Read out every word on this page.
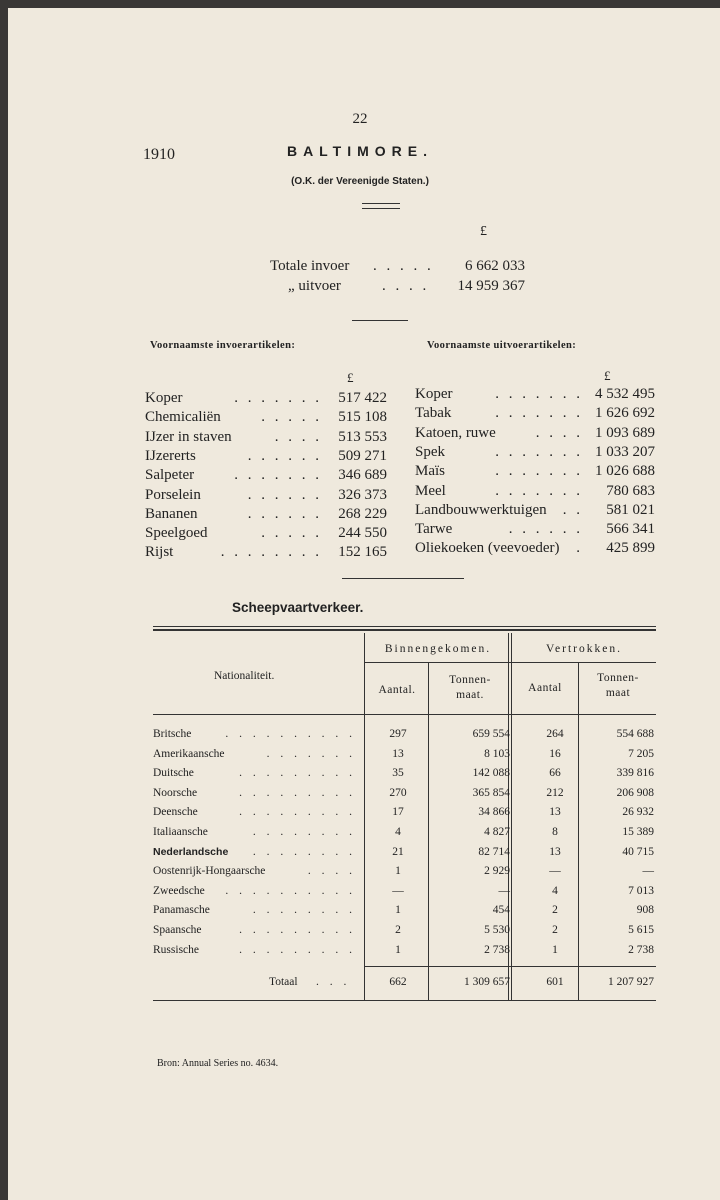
22
1910	BALTIMORE.
(O.K. der Vereenigde Staten.)
£
Totale invoer . . . . .	6 662 033
„ uitvoer	. . . .	14 959 367
Voornaamste invoerartikelen:	Voornaamste uitvoerartikelen:
£	£
Koper	. . . . . . .	517 422
Chemicaliën	. . . . .	515 108
IJzer in staven	. . . .	513 553
IJzererts	. . . . . .	509 271
Salpeter	. . . . . . .	346 689
Porselein	. . . . . .	326 373
Bananen	. . . . . .	268 229
Speelgoed	. . . . .	244 550
Rijst	. . . . . . . .	152 165
Koper	. . . . . . . 4 532 495
Tabak	. . . . . . . 1 626 692
Katoen, ruwe	. . . . 1 093 689
Spek	. . . . . . . 1 033 207
Maïs	. . . . . . . 1 026 688
Meel	. . . . . . .	780 683
Landbouwwerktuigen . .	581 021
Tarwe	. . . . . .	566 341
Oliekoeken (veevoeder) .	425 899
Scheepvaartverkeer.
Nationaliteit.
Binnengekomen.	Vertrokken.
Aantal.
Tonnen-
maat.
Aantal
Tonnen-
maat
Britsche	. . . . . . . . . .	297	659 554	264	554 688
Amerikaansche	. . . . . . .	13	8 103	16	7 205
Duitsche	. . . . . . . . .	35	142 088	66	339 816
Noorsche	. . . . . . . . .	270	365 854	212	206 908
Deensche	. . . . . . . . .	17	34 866	13	26 932
Italiaansche	. . . . . . . .	4	4 827	8	15 389
Nederlandsche . . . . . . . .	21	82 714	13	40 715
Oostenrijk-Hongaarsche	. . . .	1	2 929	—	—
Zweedsche . . . . . . . . . .	—	—	4	7 013
Panamasche	. . . . . . . .	1	454	2	908
Spaansche	. . . . . . . . .	2	5 530	2	5 615
Russische	. . . . . . . . .	1	2 738	1	2 738
Totaal . . .	662	1 309 657	601	1 207 927
Bron: Annual Series no. 4634.
